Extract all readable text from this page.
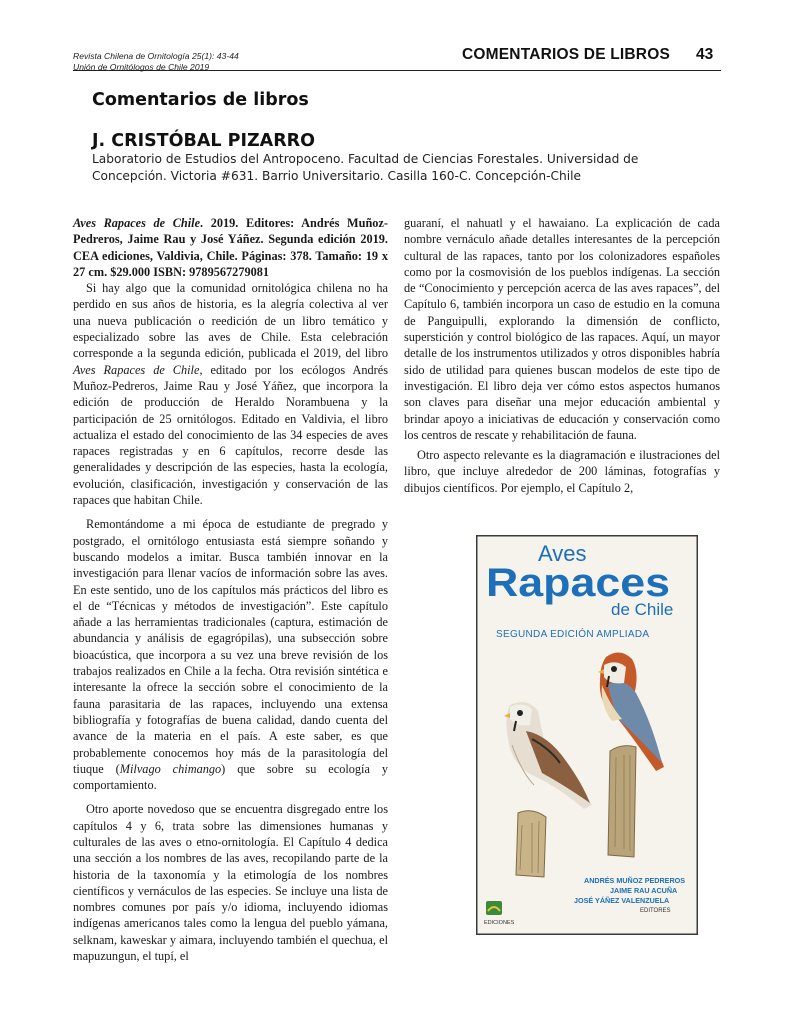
Revista Chilena de Ornitología 25(1): 43-44
Unión de Ornitólogos de Chile 2019
COMENTARIOS DE LIBROS 43
Comentarios de libros
J. CRISTÓBAL PIZARRO
Laboratorio de Estudios del Antropoceno. Facultad de Ciencias Forestales. Universidad de Concepción. Victoria #631. Barrio Universitario. Casilla 160-C. Concepción-Chile

Aves Rapaces de Chile. 2019. Editores: Andrés Muñoz-Pedreros, Jaime Rau y José Yáñez. Segunda edición 2019. CEA ediciones, Valdivia, Chile. Páginas: 378. Tamaño: 19 x 27 cm. $29.000 ISBN: 9789567279081

Si hay algo que la comunidad ornitológica chilena no ha perdido en sus años de historia, es la alegría colectiva al ver una nueva publicación o reedición de un libro temático y especializado sobre las aves de Chile. Esta celebración corresponde a la segunda edición, publicada el 2019, del libro Aves Rapaces de Chile, editado por los ecólogos Andrés Muñoz-Pedreros, Jaime Rau y José Yáñez, que incorpora la edición de producción de Heraldo Norambuena y la participación de 25 ornitólogos. Editado en Valdivia, el libro actualiza el estado del conocimiento de las 34 especies de aves rapaces registradas y en 6 capítulos, recorre desde las generalidades y descripción de las especies, hasta la ecología, evolución, clasificación, investigación y conservación de las rapaces que habitan Chile.

Remontándome a mi época de estudiante de pregrado y postgrado, el ornitólogo entusiasta está siempre soñando y buscando modelos a imitar. Busca también innovar en la investigación para llenar vacíos de información sobre las aves. En este sentido, uno de los capítulos más prácticos del libro es el de “Técnicas y métodos de investigación”. Este capítulo añade a las herramientas tradicionales (captura, estimación de abundancia y análisis de egagrópilas), una subsección sobre bioacústica, que incorpora a su vez una breve revisión de los trabajos realizados en Chile a la fecha. Otra revisión sintética e interesante la ofrece la sección sobre el conocimiento de la fauna parasitaria de las rapaces, incluyendo una extensa bibliografía y fotografías de buena calidad, dando cuenta del avance de la materia en el país. A este saber, es que probablemente conocemos hoy más de la parasitología del tiuque (Milvago chimango) que sobre su ecología y comportamiento.

Otro aporte novedoso que se encuentra disgregado entre los capítulos 4 y 6, trata sobre las dimensiones humanas y culturales de las aves o etno-ornitología. El Capítulo 4 dedica una sección a los nombres de las aves, recopilando parte de la historia de la taxonomía y la etimología de los nombres científicos y vernáculos de las especies. Se incluye una lista de nombres comunes por país y/o idioma, incluyendo idiomas indígenas americanos tales como la lengua del pueblo yámana, selknam, kaweskar y aimara, incluyendo también el quechua, el mapuzungun, el tupí, el

guaraní, el nahuatl y el hawaiano. La explicación de cada nombre vernáculo añade detalles interesantes de la percepción cultural de las rapaces, tanto por los colonizadores españoles como por la cosmovisión de los pueblos indígenas. La sección de “Conocimiento y percepción acerca de las aves rapaces”, del Capítulo 6, también incorpora un caso de estudio en la comuna de Panguipulli, explorando la dimensión de conflicto, superstición y control biológico de las rapaces. Aquí, un mayor detalle de los instrumentos utilizados y otros disponibles habría sido de utilidad para quienes buscan modelos de este tipo de investigación. El libro deja ver cómo estos aspectos humanos son claves para diseñar una mejor educación ambiental y brindar apoyo a iniciativas de educación y conservación como los centros de rescate y rehabilitación de fauna.

Otro aspecto relevante es la diagramación e ilustraciones del libro, que incluye alrededor de 200 láminas, fotografías y dibujos científicos. Por ejemplo, el Capítulo 2,

Aves
Rapaces
de Chile
SEGUNDA EDICIÓN AMPLIADA
ANDRÉS MUÑOZ PEDREROS
JAIME RAU ACUÑA
JOSÉ YÁÑEZ VALENZUELA
EDITORES
EDICIONES
